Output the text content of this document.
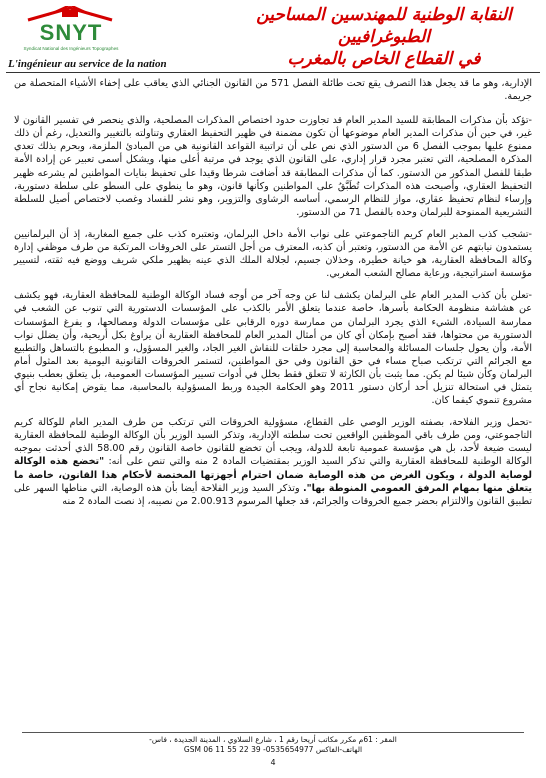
SNYT
Syndicat National des Ingénieurs Topographes
النقابة الوطنية للمهندسين المساحين الطبوغرافيين
في القطاع الخاص بالمغرب
L'ingénieur au service de la nation

الإدارية، وهو ما قد يجعل هذا التصرف يقع تحت طائلة الفصل 571 من القانون الجنائي الذي يعاقب على إخفاء الأشياء المتحصلة من جريمة.

-تؤكد بأن مذكرات المطابقة للسيد المدير العام قد تجاوزت حدود اختصاص المذكرات المصلحية، والذي ينحصر في تفسير القانون لا غير، في حين أن مذكرات المدير العام موضوعها أن تكون مضمنة في ظهير التحفيظ العقاري وتناولته بالتغيير والتعديل، رغم أن ذلك ممنوع عليها بموجب الفصل 6 من الدستور الذي نص على أن تراتبية القواعد القانونية هي من المبادئ الملزمة، وبحرم بذلك تعدي المذكرة المصلحية، التي تعتبر مجرد قرار إداري، على القانون الذي يوجد في مرتبة أعلى منها، ويشكل أسمى تعبير عن إرادة الأمة طبقا للفصل المذكور من الدستور. كما أن مذكرات المطابقة قد أضافت شرطا وقيدا على تحفيظ بنايات المواطنين لم يشرعه ظهير التحفيظ العقاري، وأصبحت هذه المذكرات تُطَبَّقُ على المواطنين وكأنها قانون، وهو ما ينطوي على السطو على سلطة دستورية، وإرساء لنظام تحفيظ عقاري، مواز للنظام الرسمي، أساسه الرشاوى والتزوير، وهو نشر للفساد وغصب لاختصاص أصيل للسلطة التشريعية الممنوحة للبرلمان وحده بالفصل 71 من الدستور.

-تشجب كذب المدير العام كريم التاجموعتي على نواب الأمة داخل البرلمان، وتعتبره كذب على جميع المغاربة، إذ أن البرلمانيين يستمدون نيابتهم عن الأمة من الدستور، وتعتبر أن كذبه، المعترف من أجل التستر على الخروقات المرتكبة من طرف موظفي إدارة وكالة المحافظة العقارية، هو خيانة خطيرة، وخذلان جسيم، لجلالة الملك الذي عينه بظهير ملكي شريف ووضع فيه ثقته، لتسيير مؤسسة استراتيجية، ورعاية مصالح الشعب المغربي.

-تعلن بأن كذب المدير العام على البرلمان يكشف لنا عن وجه آخر من أوجه فساد الوكالة الوطنية للمحافظة العقارية، فهو يكشف عن هشاشة منظومة الحكامة بأسرها، خاصة عندما يتعلق الأمر بالكذب على المؤسسات الدستورية التي تنوب عن الشعب في ممارسة السيادة، الشيء الذي يجرد البرلمان من ممارسة دوره الرقابي على مؤسسات الدولة ومصالحها، و يفرغ المؤسسات الدستورية من محتواها، فقد أصبح بإمكان أي كان من أمثال المدير العام للمحافظة العقارية أن يراوغ بكل أريحية، وأن يضلل نواب الأمة، وأن يحول جلسات المسائلة والمحاسبة إلى مجرد حلقات للنقاش الغير الجاد، والغير المسؤول، و المطبوع بالتساهل والتطبيع مع الجرائم التي ترتكب صباح مساء في حق القانون وفي حق المواطنين، لتستمر الخروقات القانونية اليومية بعد المثول أمام البرلمان وكأن شيئا لم يكن. مما يثبت بأن الكارثة لا تتعلق فقط بخلل في أدوات تسيير المؤسسات العمومية، بل يتعلق بعطب بنيوي يتمثل في استحالة تنزيل أحد أركان دستور 2011 وهو الحكامة الجيدة وربط المسؤولية بالمحاسبة، مما يقوض إمكانية نجاح أي مشروع تنموي كيفما كان.

-تحمل وزير الفلاحة، بصفته الوزير الوصي على القطاع، مسؤولية الخروقات التي ترتكب من طرف المدير العام للوكالة كريم التاجموعتي، ومن طرف باقي الموظفين الواقعين تحت سلطته الإدارية، وتذكر السيد الوزير بأن الوكالة الوطنية للمحافظة العقارية ليست ضيعة لأحد، بل هي مؤسسة عمومية تابعة للدولة، ويجب أن تخضع للقانون خاصة القانون رقم 58.00 الذي أحدثت بموجبه الوكالة الوطنية للمحافظة العقارية والتي تذكر السيد الوزير بمقتضيات المادة 2 منه والتي تنص على أنه: "تخضع هذه الوكالة لوصاية الدولة ، ويكون الغرض من هذه الوصاية ضمان احترام أجهزتها المختصة لأحكام هذا القانون، خاصة ما يتعلق منها بمهام المرفق العمومي المنوطة بها". وتذكر السيد وزير الفلاحة أيضا بأن هذه الوصاية، التي مناطها السهر على تطبيق القانون والالتزام بحضر جميع الخروقات والجرائم، قد جعلها المرسوم 2.00.913 من نصيبه، إذ نصت المادة 2 منه

المقر : 61م مكرر مكاتب أريحا رقم 1 ، شارع السلاوي ، المدينة الجديدة ، فاس-
الهاتف-الفاكس 0535654977- 39 22 55 11 06 GSM
4
